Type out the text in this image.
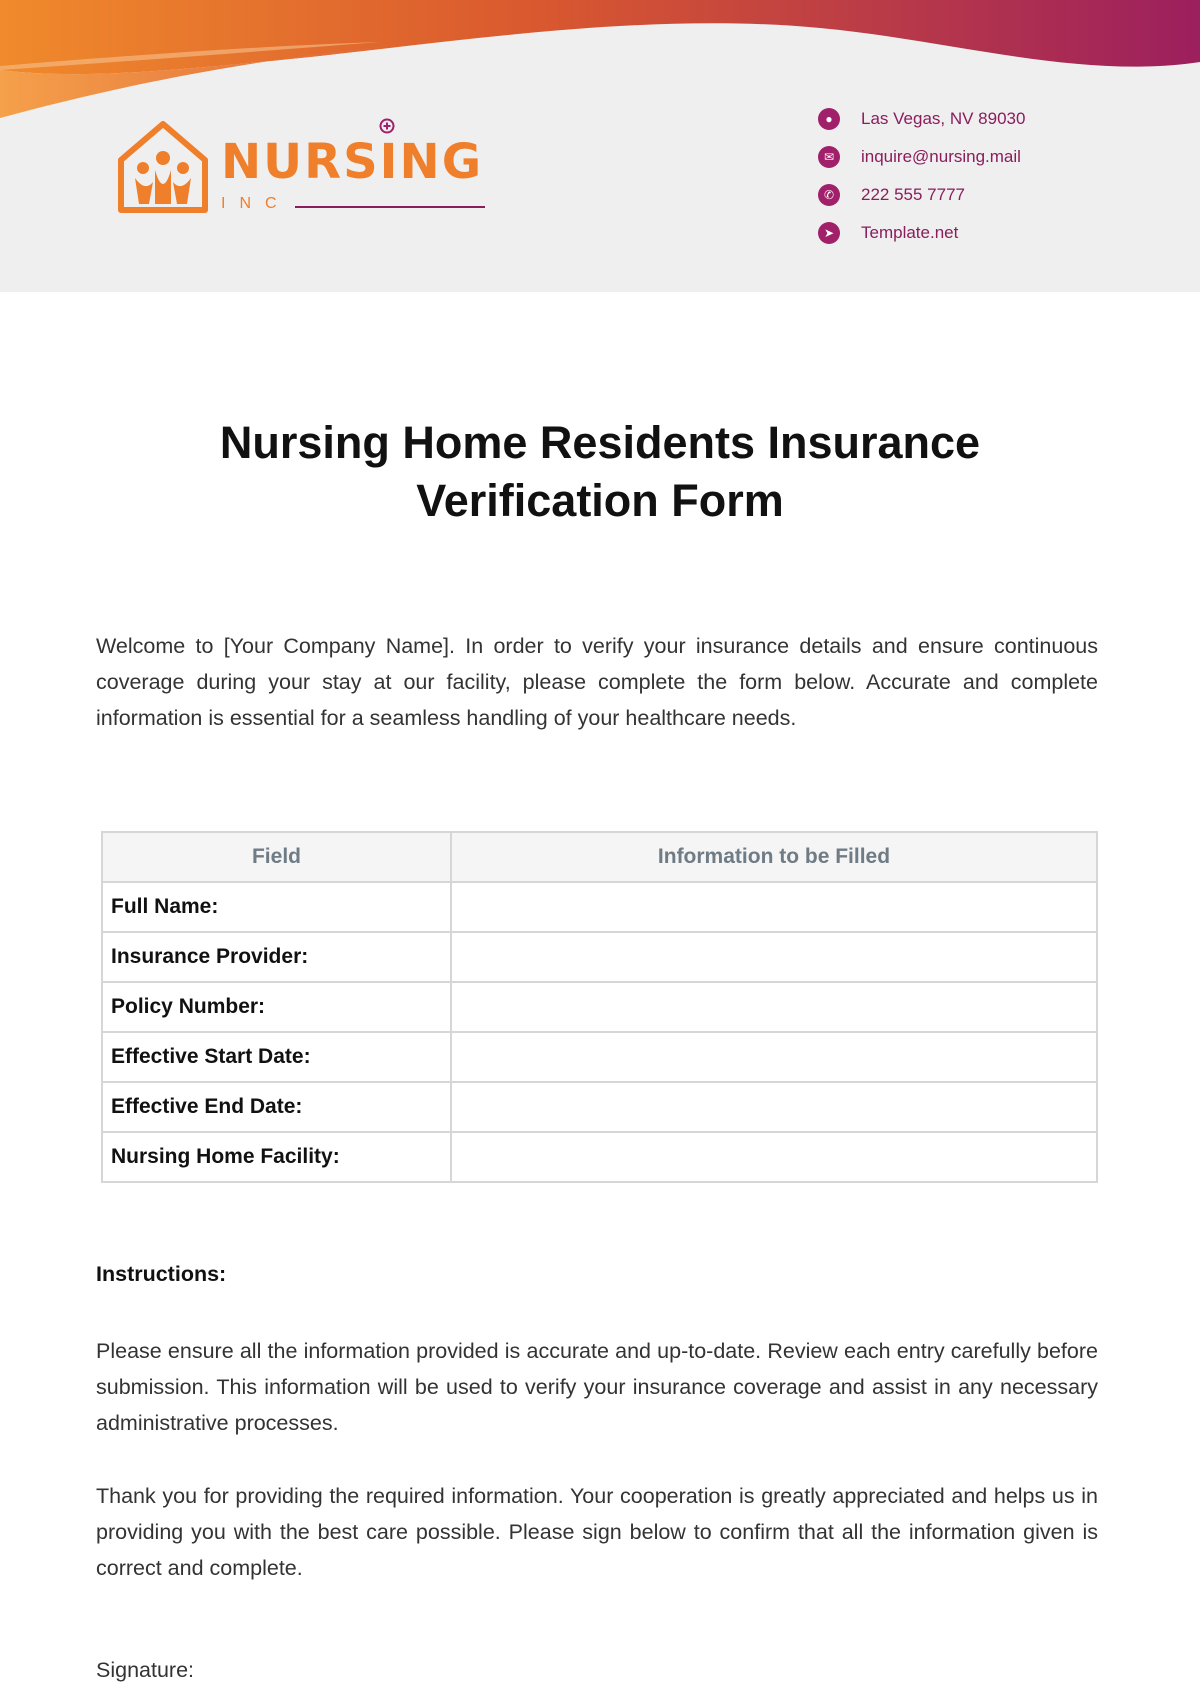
NURSING
INC
●	Las Vegas, NV 89030
✉	inquire@nursing.mail
✆	222 555 7777
➤	Template.net
Nursing Home Residents Insurance Verification Form

Welcome to [Your Company Name]. In order to verify your insurance details and ensure continuous coverage during your stay at our facility, please complete the form below. Accurate and complete information is essential for a seamless handling of your healthcare needs.

Field	Information to be Filled
Full Name:	
Insurance Provider:	
Policy Number:	
Effective Start Date:	
Effective End Date:	
Nursing Home Facility:	
Instructions:

Please ensure all the information provided is accurate and up-to-date. Review each entry carefully before submission. This information will be used to verify your insurance coverage and assist in any necessary administrative processes.

Thank you for providing the required information. Your cooperation is greatly appreciated and helps us in providing you with the best care possible. Please sign below to confirm that all the information given is correct and complete.

Signature:
